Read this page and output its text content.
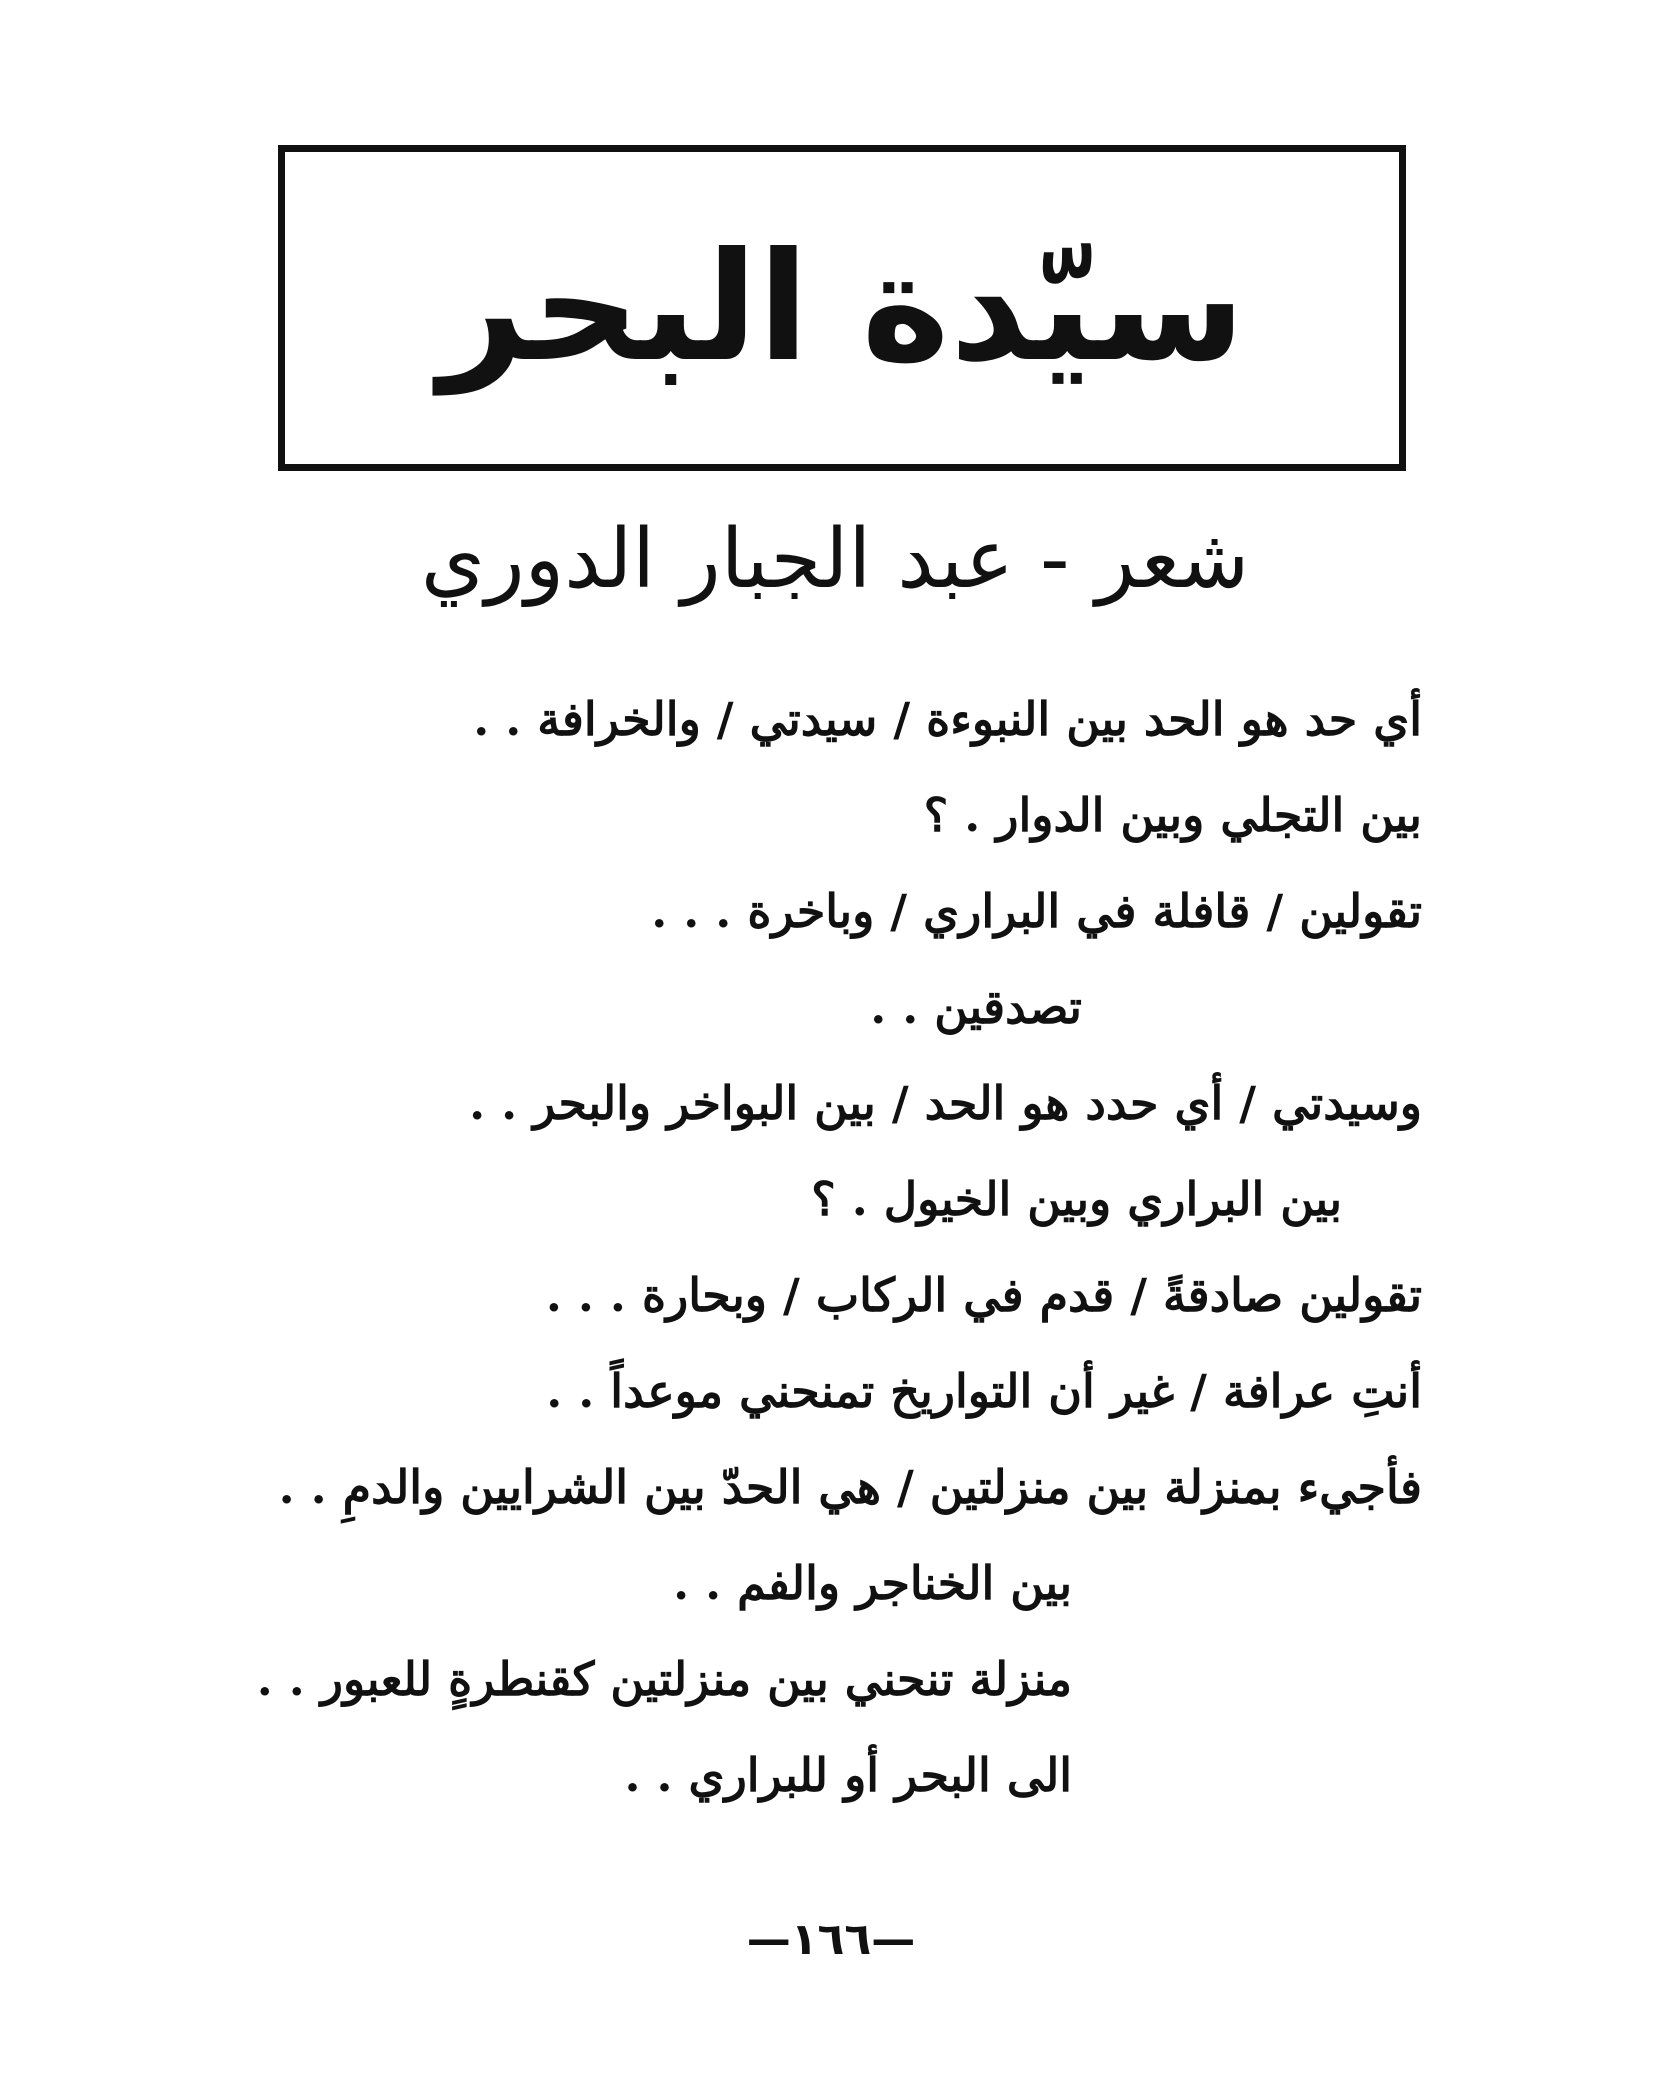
سيّدة البحر
شعر - عبد الجبار الدوري
أي حد هو الحد بين النبوءة / سيدتي / والخرافة . .
بين التجلي وبين الدوار . ؟
تقولين / قافلة في البراري / وباخرة . . .
تصدقين . .
وسيدتي / أي حدد هو الحد / بين البواخر والبحر . .
بين البراري وبين الخيول . ؟
تقولين صادقةً / قدم في الركاب / وبحارة . . .
أنتِ عرافة / غير أن التواريخ تمنحني موعداً . .
فأجيء بمنزلة بين منزلتين / هي الحدّ بين الشرايين والدمِ . .
بين الخناجر والفم . .
منزلة تنحني بين منزلتين كقنطرةٍ للعبور . .
الى البحر أو للبراري . .
—١٦٦—
